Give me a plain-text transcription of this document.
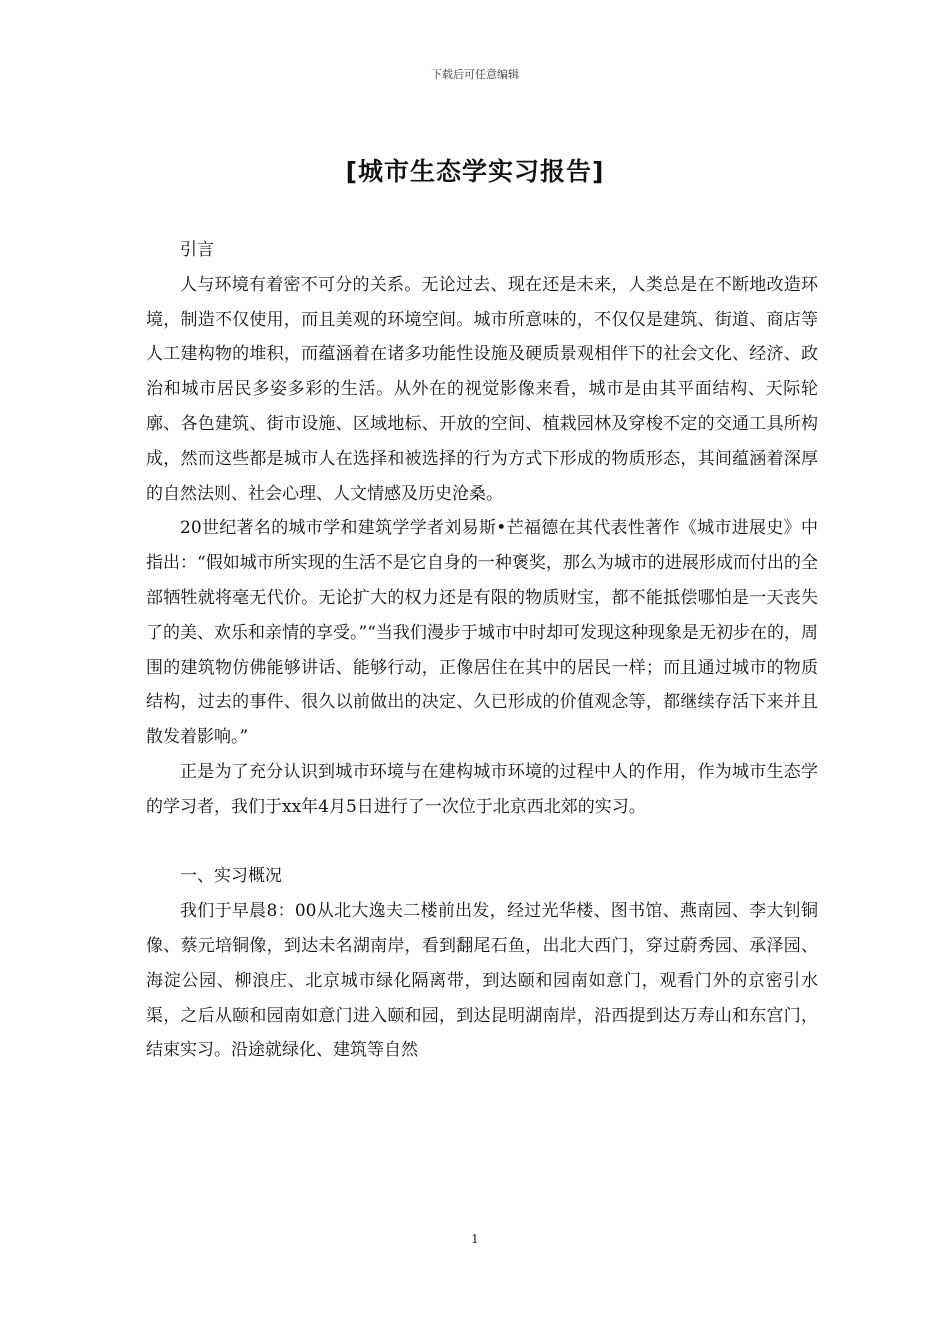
下载后可任意编辑
[城市生态学实习报告]

引言

人与环境有着密不可分的关系。无论过去、现在还是未来，人类总是在不断地改造环境，制造不仅使用，而且美观的环境空间。城市所意味的，不仅仅是建筑、街道、商店等人工建构物的堆积，而蕴涵着在诸多功能性设施及硬质景观相伴下的社会文化、经济、政治和城市居民多姿多彩的生活。从外在的视觉影像来看，城市是由其平面结构、天际轮廓、各色建筑、街市设施、区域地标、开放的空间、植栽园林及穿梭不定的交通工具所构成，然而这些都是城市人在选择和被选择的行为方式下形成的物质形态，其间蕴涵着深厚的自然法则、社会心理、人文情感及历史沧桑。

20世纪著名的城市学和建筑学学者刘易斯•芒福德在其代表性著作《城市进展史》中指出：“假如城市所实现的生活不是它自身的一种褒奖，那么为城市的进展形成而付出的全部牺牲就将毫无代价。无论扩大的权力还是有限的物质财宝，都不能抵偿哪怕是一天丧失了的美、欢乐和亲情的享受。”“当我们漫步于城市中时却可发现这种现象是无初步在的，周围的建筑物仿佛能够讲话、能够行动，正像居住在其中的居民一样；而且通过城市的物质结构，过去的事件、很久以前做出的决定、久已形成的价值观念等，都继续存活下来并且散发着影响。”

正是为了充分认识到城市环境与在建构城市环境的过程中人的作用，作为城市生态学的学习者，我们于xx年4月5日进行了一次位于北京西北郊的实习。

一、实习概况

我们于早晨8：00从北大逸夫二楼前出发，经过光华楼、图书馆、燕南园、李大钊铜像、蔡元培铜像，到达未名湖南岸，看到翻尾石鱼，出北大西门，穿过蔚秀园、承泽园、海淀公园、柳浪庄、北京城市绿化隔离带，到达颐和园南如意门，观看门外的京密引水渠，之后从颐和园南如意门进入颐和园，到达昆明湖南岸，沿西提到达万寿山和东宫门，结束实习。沿途就绿化、建筑等自然

1
